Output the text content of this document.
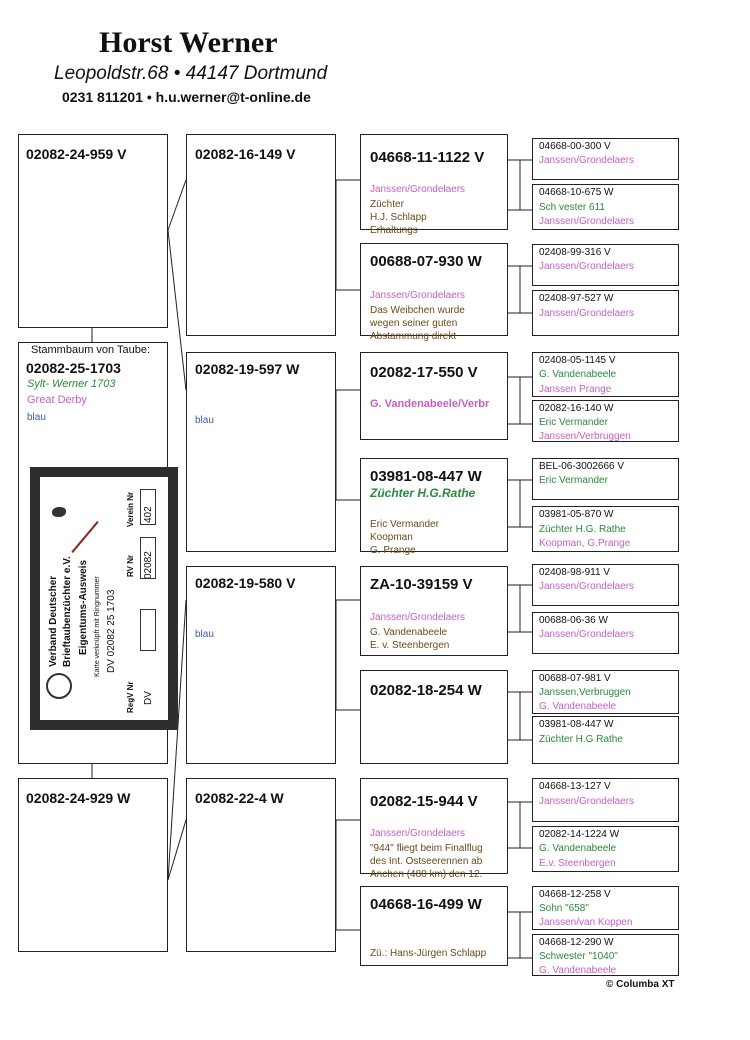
Horst Werner
Leopoldstr.68 • 44147 Dortmund
0231 811201 • h.u.werner@t-online.de
02082-24-959 V
Stammbaum von Taube:
02082-25-1703
Sylt- Werner 1703
Great Derby
blau
02082-24-929 W
Verband Deutscher Brieftaubenzüchter e.V. Eigentums-Ausweis Karte verknüpft mit Ringnummer DV 02082 25 1703
RegV Nr
RV Nr
Verein Nr
DV
02082
402
02082-16-149 V
02082-19-597 W
blau
02082-19-580 V
blau
02082-22-4 W
04668-11-1122 V
Janssen/Grondelaers
Züchter
H.J. Schlapp
Erhaltungs
00688-07-930 W
Janssen/Grondelaers
Das Weibchen wurde
wegen seiner guten
Abstammung direkt
02082-17-550 V
G. Vandenabeele/Verbr
03981-08-447 W
Züchter H.G.Rathe
Eric Vermander
Koopman
G. Prange
ZA-10-39159 V
Janssen/Grondelaers
G. Vandenabeele
E. v. Steenbergen
02082-18-254 W
02082-15-944 V
Janssen/Grondelaers
"944" fliegt beim Finalflug
des Int. Ostseerennen ab
Anchen (480 km) den 12.
04668-16-499 W
Zü.: Hans-Jürgen Schlapp
04668-00-300 V
Janssen/Grondelaers
04668-10-675 W
Sch vester 611
Janssen/Grondelaers
02408-99-316 V
Janssen/Grondelaers
02408-97-527 W
Janssen/Grondelaers
02408-05-1145 V
G. Vandenabeele
Janssen Prange
02082-16-140 W
Eric Vermander
Janssen/Verbruggen
BEL-06-3002666 V
Eric Vermander
03981-05-870 W
Züchter H.G. Rathe
Koopman, G.Prange
02408-98-911 V
Janssen/Grondelaers
00688-06-36 W
Janssen/Grondelaers
00688-07-981 V
Janssen,Verbruggen
G. Vandenabeele
03981-08-447 W
Züchter H.G Rathe
04668-13-127 V
Janssen/Grondelaers
02082-14-1224 W
G. Vandenabeele
E.v. Steenbergen
04668-12-258 V
Sohn "658"
Janssen/van Koppen
04668-12-290 W
Schwester "1040"
G. Vandenabeele
© Columba XT
